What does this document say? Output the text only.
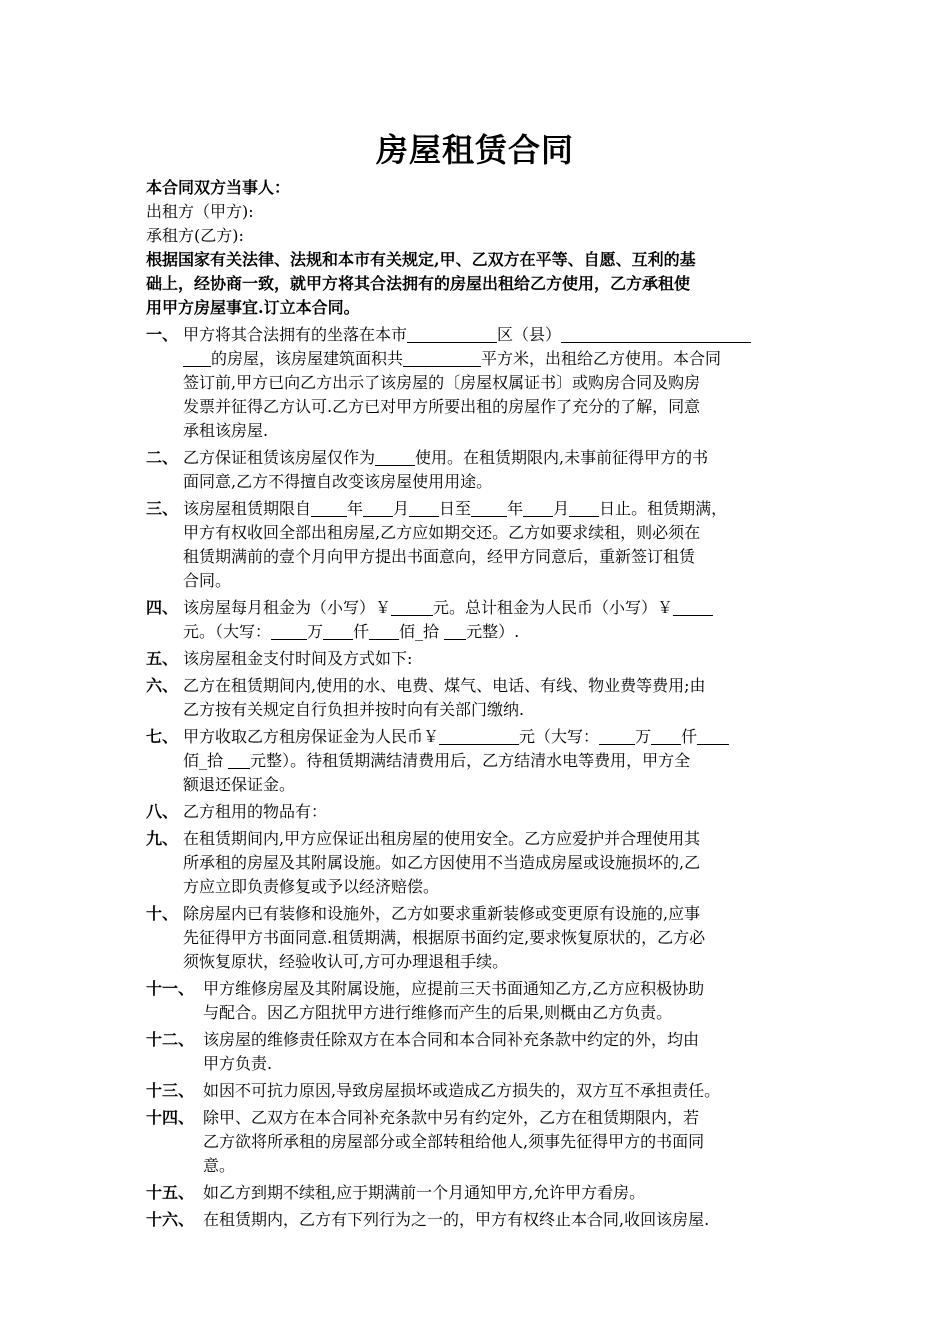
房屋租赁合同
本合同双方当事人：
出租方（甲方):
承租方(乙方):
根据国家有关法律、法规和本市有关规定,甲、乙双方在平等、自愿、互利的基
础上，经协商一致，就甲方将其合法拥有的房屋出租给乙方使用，乙方承租使
用甲方房屋事宜.订立本合同。
一、 甲方将其合法拥有的坐落在本市	区（县）
的房屋，该房屋建筑面积共	平方米，出租给乙方使用。本合同
签订前,甲方已向乙方出示了该房屋的〔房屋权属证书〕或购房合同及购房
发票并征得乙方认可.乙方已对甲方所要出租的房屋作了充分的了解，同意
承租该房屋.
二、 乙方保证租赁该房屋仅作为	使用。在租赁期限内,未事前征得甲方的书
面同意,乙方不得擅自改变该房屋使用用途。
三、 该房屋租赁期限自 年 月 日至 年 月 日止。租赁期满，
甲方有权收回全部出租房屋,乙方应如期交还。乙方如要求续租，则必须在
租赁期满前的壹个月向甲方提出书面意向，经甲方同意后，重新签订租赁
合同。
四、 该房屋每月租金为（小写）￥	元。总计租金为人民币（小写）￥
元。（大写： 万 仟 佰_拾 元整）.
五、 该房屋租金支付时间及方式如下:
六、 乙方在租赁期间内,使用的水、电费、煤气、电话、有线、物业费等费用;由
乙方按有关规定自行负担并按时向有关部门缴纳.
七、 甲方收取乙方租房保证金为人民币￥	元（大写： 万 仟
佰_拾 元整）。待租赁期满结清费用后，乙方结清水电等费用，甲方全
额退还保证金。
八、 乙方租用的物品有：
九、 在租赁期间内,甲方应保证出租房屋的使用安全。乙方应爱护并合理使用其
所承租的房屋及其附属设施。如乙方因使用不当造成房屋或设施损坏的,乙
方应立即负责修复或予以经济赔偿。
十、 除房屋内已有装修和设施外，乙方如要求重新装修或变更原有设施的,应事
先征得甲方书面同意.租赁期满，根据原书面约定,要求恢复原状的，乙方必
须恢复原状，经验收认可,方可办理退租手续。
十一、 甲方维修房屋及其附属设施，应提前三天书面通知乙方,乙方应积极协助
与配合。因乙方阻扰甲方进行维修而产生的后果,则概由乙方负责。
十二、 该房屋的维修责任除双方在本合同和本合同补充条款中约定的外，均由
甲方负责.
十三、 如因不可抗力原因,导致房屋损坏或造成乙方损失的，双方互不承担责任。
十四、 除甲、乙双方在本合同补充条款中另有约定外，乙方在租赁期限内，若
乙方欲将所承租的房屋部分或全部转租给他人,须事先征得甲方的书面同
意。
十五、 如乙方到期不续租,应于期满前一个月通知甲方,允许甲方看房。
十六、 在租赁期内，乙方有下列行为之一的，甲方有权终止本合同,收回该房屋.
